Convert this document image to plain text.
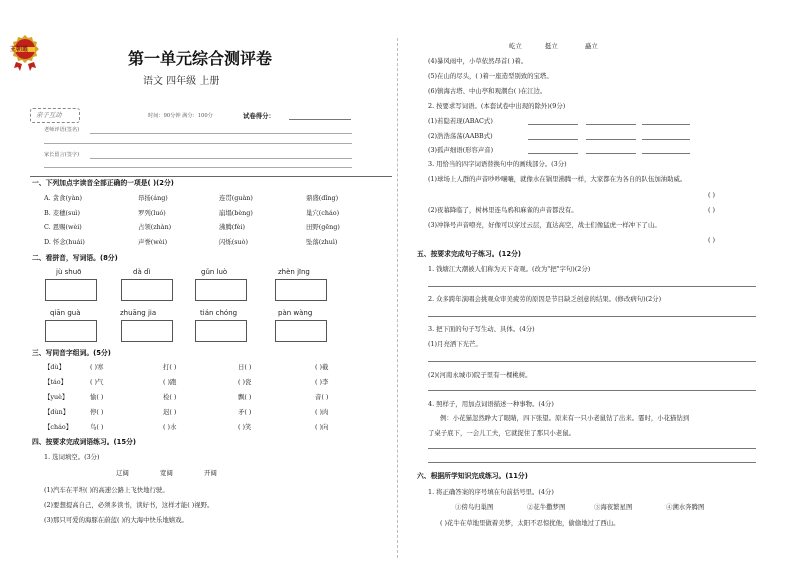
王朝霞	第一单元综合测评卷
语文 四年级 上册
亲子互动	时间：90分钟 满分：100分	试卷得分：
老师评语(签名)
家长留言(签字)
一、下列加点字读音全部正确的一项是( )(2分)
A. 贪食(yàn)	昂扬(áng)	连贯(guàn)	鼎盛(dǐng)
B. 麦穗(suì)	罗列(luó)	崩塌(bèng)	巢穴(cháo)
C. 恩赐(wèi)	占领(zhàn)	沸腾(fèi)	田野(gēng)
D. 怀念(huái)	声誉(wèi)	闪烁(suò)	坠落(zhuì)
二、看拼音，写词语。(8分)
jù shuō	dà dì	gǔn luò	zhèn jīng
qiān guà	zhuāng jia	tián chóng	pàn wàng
三、写同音字组词。(5分)
【dù】	( )寒	打( )	日( )	( )截
【táo】	( )气	( )跑	( )瓷	( )李
【yuè】	愉( )	检( )	飘( )	音( )
【dùn】	停( )	迟( )	矛( )	( )肉
【cháo】	鸟( )	( )水	( )笑	( )向
四、按要求完成词语练习。(15分)
1. 选词填空。(3分)
辽阔	宽阔	开阔
(1)汽车在平坦( )的高速公路上飞快地行驶。
(2)要想提高自己，必须多读书，读好书，这样才能( )视野。
(3)那只可爱的海豚在蔚蓝( )的大海中快乐地嬉戏。
屹立	挺立	矗立
(4)暴风雨中，小草依然昂首( )着。
(5)在山的尽头，( )着一座造型别致的宝塔。
(6)镇海古塔、中山亭和观潮台( )在江边。
2. 按要求写词语。(本套试卷中出现的除外)(9分)
(1)若隐若现(ABAC式)
(2)浩浩荡荡(AABB式)
(3)孤声细语(形容声音)
3. 用恰当的四字词语替换句中的画线部分。(3分)
(1)球场上人群的声音吵吵嚷嚷，就像水在锅里沸腾一样，大家都在为各自的队伍加油助威。
( )
(2)夜幕降临了，树林里连鸟鸦和麻雀的声音都没有。	( )
(3)冲锋号声音嘹亮，好像可以穿过云层，直达高空，战士们像猛虎一样冲下了山。
( )
五、按要求完成句子练习。(12分)
1. 钱塘江大潮被人们称为天下奇观。(改为"把"字句)(2分)
2. 众多跨年演唱会挑观众审美疲劳的原因是节目缺乏创意的结果。(修改病句)(2分)
3. 把下面的句子写生动、具体。(4分)
(1)月亮洒下光芒。
(2)(河南永城市)院子里有一棵桃树。
4. 照样子，用加点词语描述一种事物。(4分)
例：小花猫忽然睁大了眼睛，四下张望。原来有一只小老鼠钻了出来。霎时，小花猫钻到
了桌子底下，一会儿工夫，它就捉住了那只小老鼠。
六、根据所学知识完成练习。(11分)
1. 将正确答案的序号填在句前括号里。(4分)
①傍鸟归巢图	②花牛撒梦图	③海夜繁星图	④溯水奔腾图
( )花牛在草地里做着美梦，太阳不忍惊扰他，偷偷地过了西山。
